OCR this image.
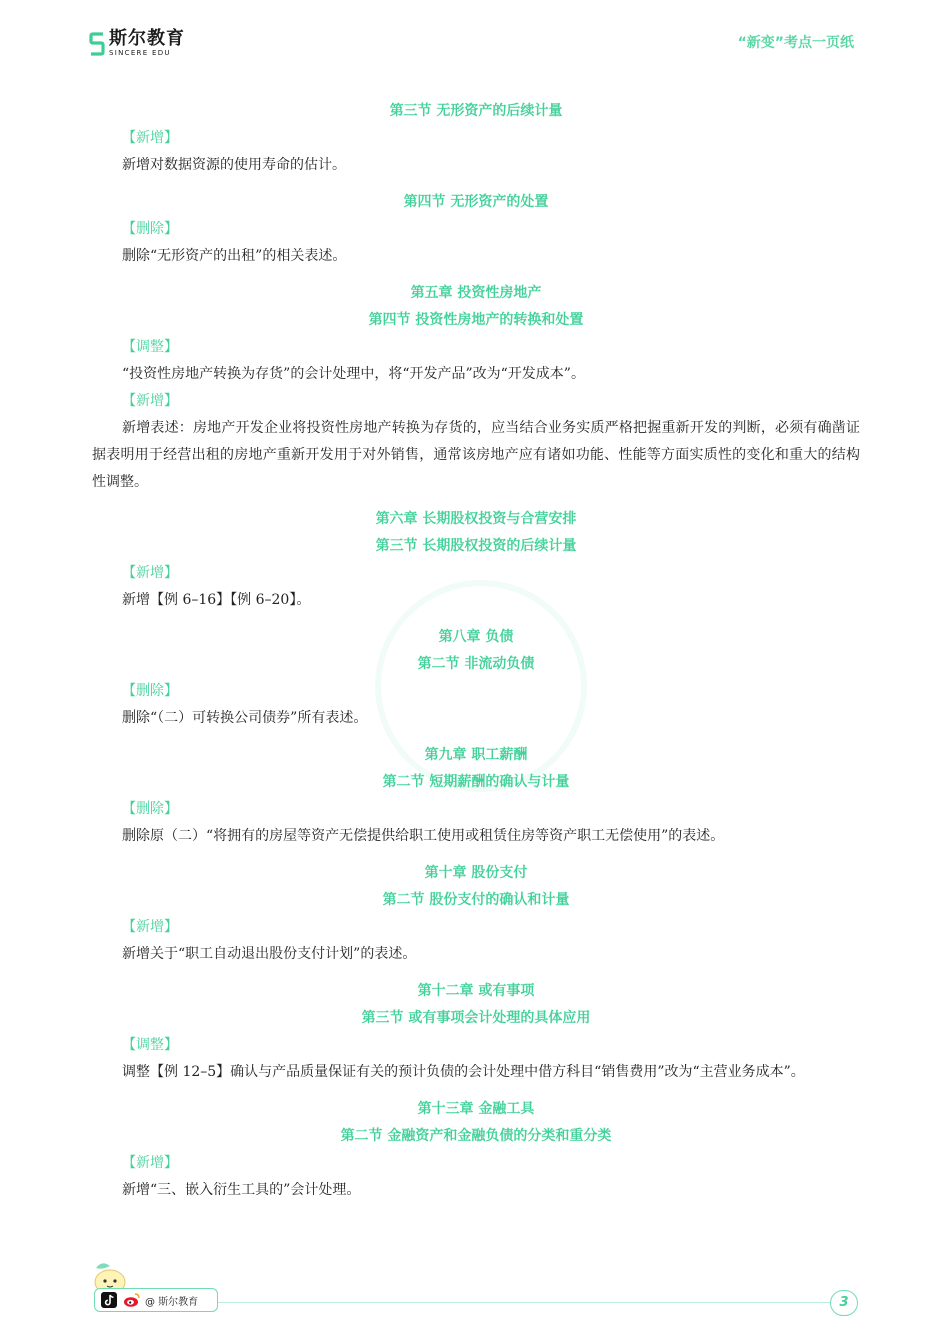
斯尔教育
SINCERE EDU
“新变”考点一页纸
第三节 无形资产的后续计量
【新增】
新增对数据资源的使用寿命的估计。
第四节 无形资产的处置
【删除】
删除“无形资产的出租”的相关表述。
第五章 投资性房地产
第四节 投资性房地产的转换和处置
【调整】
“投资性房地产转换为存货”的会计处理中，将“开发产品”改为“开发成本”。
【新增】
新增表述：房地产开发企业将投资性房地产转换为存货的，应当结合业务实质严格把握重新开发的判断，必须有确凿证据表明用于经营出租的房地产重新开发用于对外销售，通常该房地产应有诸如功能、性能等方面实质性的变化和重大的结构性调整。
第六章 长期股权投资与合营安排
第三节 长期股权投资的后续计量
【新增】
新增【例 6–16】【例 6–20】。
第八章 负债
第二节 非流动负债
【删除】
删除“（二）可转换公司债券”所有表述。
第九章 职工薪酬
第二节 短期薪酬的确认与计量
【删除】
删除原（二）“将拥有的房屋等资产无偿提供给职工使用或租赁住房等资产职工无偿使用”的表述。
第十章 股份支付
第二节 股份支付的确认和计量
【新增】
新增关于“职工自动退出股份支付计划”的表述。
第十二章 或有事项
第三节 或有事项会计处理的具体应用
【调整】
调整【例 12–5】确认与产品质量保证有关的预计负债的会计处理中借方科目“销售费用”改为“主营业务成本”。
第十三章 金融工具
第二节 金融资产和金融负债的分类和重分类
【新增】
新增“三、嵌入衍生工具的”会计处理。
@ 斯尔教育	3
